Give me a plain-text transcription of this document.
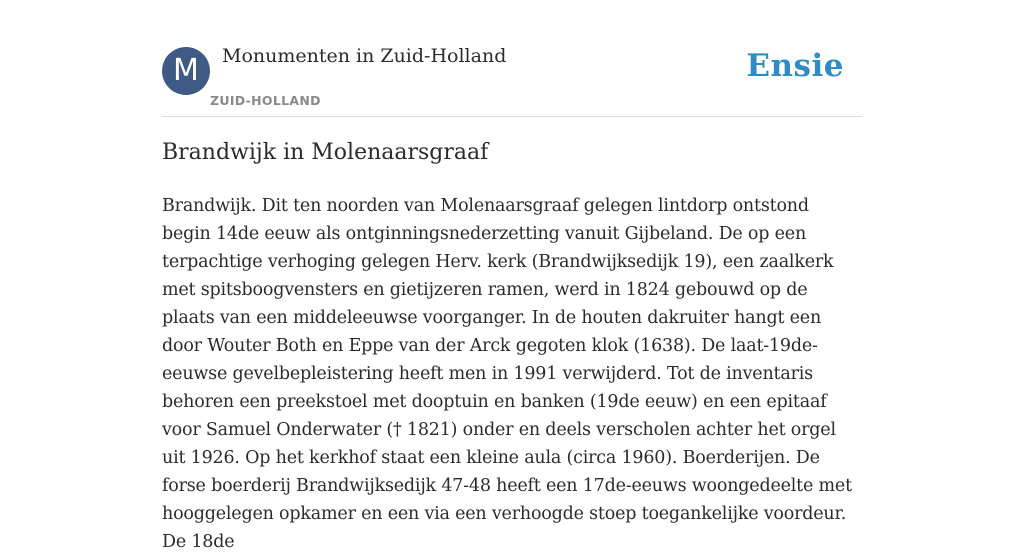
M	Monumenten in Zuid-Holland
ZUID-HOLLAND
Ensie
Brandwijk in Molenaarsgraaf

Brandwijk. Dit ten noorden van Molenaarsgraaf gelegen lintdorp ontstond begin 14de eeuw als ontginningsnederzetting vanuit Gijbeland. De op een terpachtige verhoging gelegen Herv. kerk (Brandwijksedijk 19), een zaalkerk met spitsboogvensters en gietijzeren ramen, werd in 1824 gebouwd op de plaats van een middeleeuwse voorganger. In de houten dakruiter hangt een door Wouter Both en Eppe van der Arck gegoten klok (1638). De laat-19de-eeuwse gevelbepleistering heeft men in 1991 verwijderd. Tot de inventaris behoren een preekstoel met dooptuin en banken (19de eeuw) en een epitaaf voor Samuel Onderwater († 1821) onder en deels verscholen achter het orgel uit 1926. Op het kerkhof staat een kleine aula (circa 1960). Boerderijen. De forse boerderij Brandwijksedijk 47-48 heeft een 17de-eeuws woongedeelte met hooggelegen opkamer en een via een verhoogde stoep toegankelijke voordeur. De 18de
